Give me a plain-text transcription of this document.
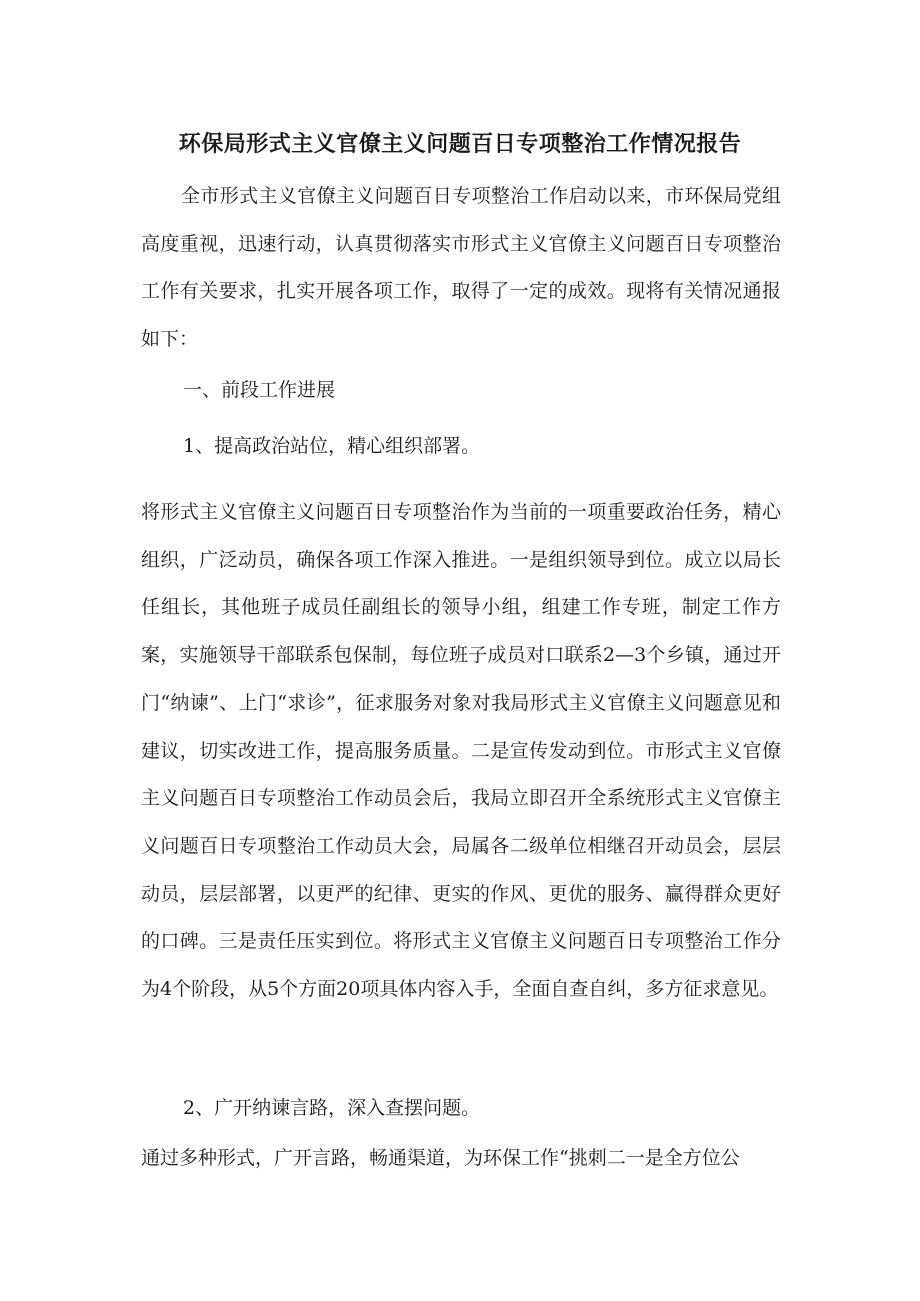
环保局形式主义官僚主义问题百日专项整治工作情况报告

全市形式主义官僚主义问题百日专项整治工作启动以来，市环保局党组高度重视，迅速行动，认真贯彻落实市形式主义官僚主义问题百日专项整治工作有关要求，扎实开展各项工作，取得了一定的成效。现将有关情况通报如下：

一、前段工作进展
1、提高政治站位，精心组织部署。

将形式主义官僚主义问题百日专项整治作为当前的一项重要政治任务，精心组织，广泛动员，确保各项工作深入推进。一是组织领导到位。成立以局长任组长，其他班子成员任副组长的领导小组，组建工作专班，制定工作方案，实施领导干部联系包保制，每位班子成员对口联系2—3个乡镇，通过开门“纳谏”、上门“求诊”，征求服务对象对我局形式主义官僚主义问题意见和建议，切实改进工作，提高服务质量。二是宣传发动到位。市形式主义官僚主义问题百日专项整治工作动员会后，我局立即召开全系统形式主义官僚主义问题百日专项整治工作动员大会，局属各二级单位相继召开动员会，层层动员，层层部署，以更严的纪律、更实的作风、更优的服务、赢得群众更好的口碑。三是责任压实到位。将形式主义官僚主义问题百日专项整治工作分为4个阶段，从5个方面20项具体内容入手，全面自查自纠，多方征求意见。

2、广开纳谏言路，深入查摆问题。

通过多种形式，广开言路，畅通渠道，为环保工作“挑刺二一是全方位公
